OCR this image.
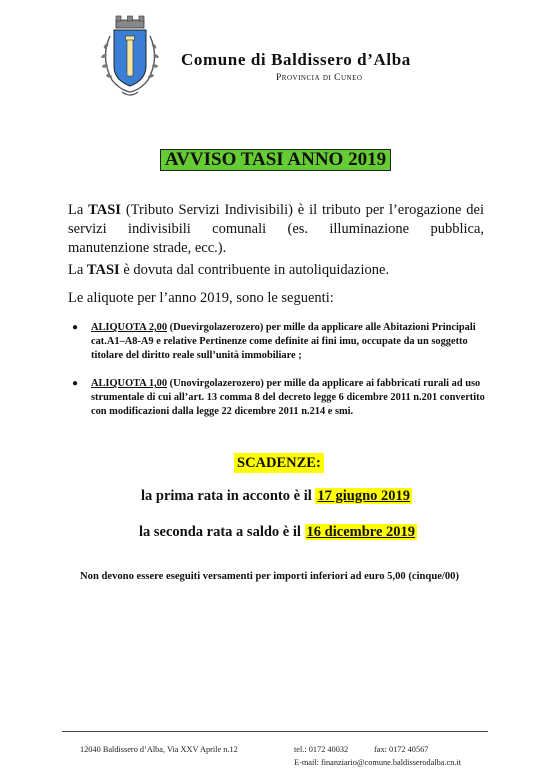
Comune di Baldissero d’Alba
Provincia di Cuneo
AVVISO TASI ANNO 2019
La TASI (Tributo Servizi Indivisibili) è il tributo per l’erogazione dei
servizi indivisibili comunali (es. illuminazione pubblica,
manutenzione strade, ecc.).
La TASI è dovuta dal contribuente in autoliquidazione.
Le aliquote per l’anno 2019, sono le seguenti:
● ALIQUOTA 2,00 (Duevirgolazerozero) per mille da applicare alle Abitazioni Principali cat.A1–A8-A9 e relative Pertinenze come definite ai fini imu, occupate da un soggetto titolare del diritto reale sull’unità immobiliare ;
● ALIQUOTA 1,00 (Unovirgolazerozero) per mille da applicare ai fabbricati rurali ad uso strumentale di cui all’art. 13 comma 8 del decreto legge 6 dicembre 2011 n.201 convertito con modificazioni dalla legge 22 dicembre 2011 n.214 e smi.
SCADENZE:
la prima rata in acconto è il 17 giugno 2019
la seconda rata a saldo è il 16 dicembre 2019
Non devono essere eseguiti versamenti per importi inferiori ad euro 5,00 (cinque/00)
12040 Baldissero d’Alba, Via XXV Aprile n.12	tel.: 0172 40032	fax: 0172 40567
E-mail: finanziario@comune.baldisserodalba.cn.it
